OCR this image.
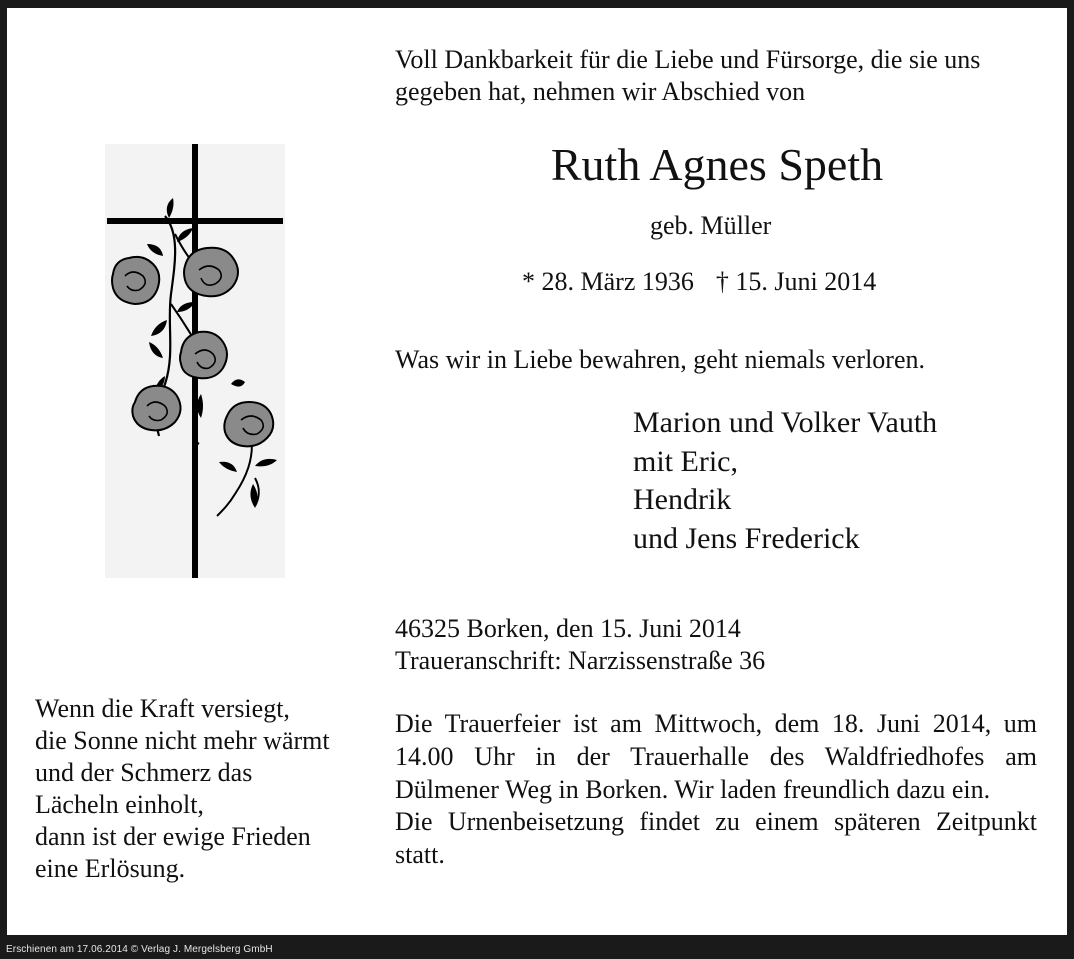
Voll Dankbarkeit für die Liebe und Fürsorge, die sie uns
gegeben hat, nehmen wir Abschied von
Ruth Agnes Speth
geb. Müller
* 28. März 1936 † 15. Juni 2014
Was wir in Liebe bewahren, geht niemals verloren.
Marion und Volker Vauth
mit Eric,
Hendrik
und Jens Frederick
46325 Borken, den 15. Juni 2014
Traueranschrift: Narzissenstraße 36
Die Trauerfeier ist am Mittwoch, dem 18. Juni 2014, um 14.00 Uhr in der Trauerhalle des Waldfriedhofes am Dülmener Weg in Borken. Wir laden freundlich dazu ein.
Die Urnenbeisetzung findet zu einem späteren Zeitpunkt statt.
Wenn die Kraft versiegt,
die Sonne nicht mehr wärmt
und der Schmerz das
Lächeln einholt,
dann ist der ewige Frieden
eine Erlösung.
Erschienen am 17.06.2014 © Verlag J. Mergelsberg GmbH
